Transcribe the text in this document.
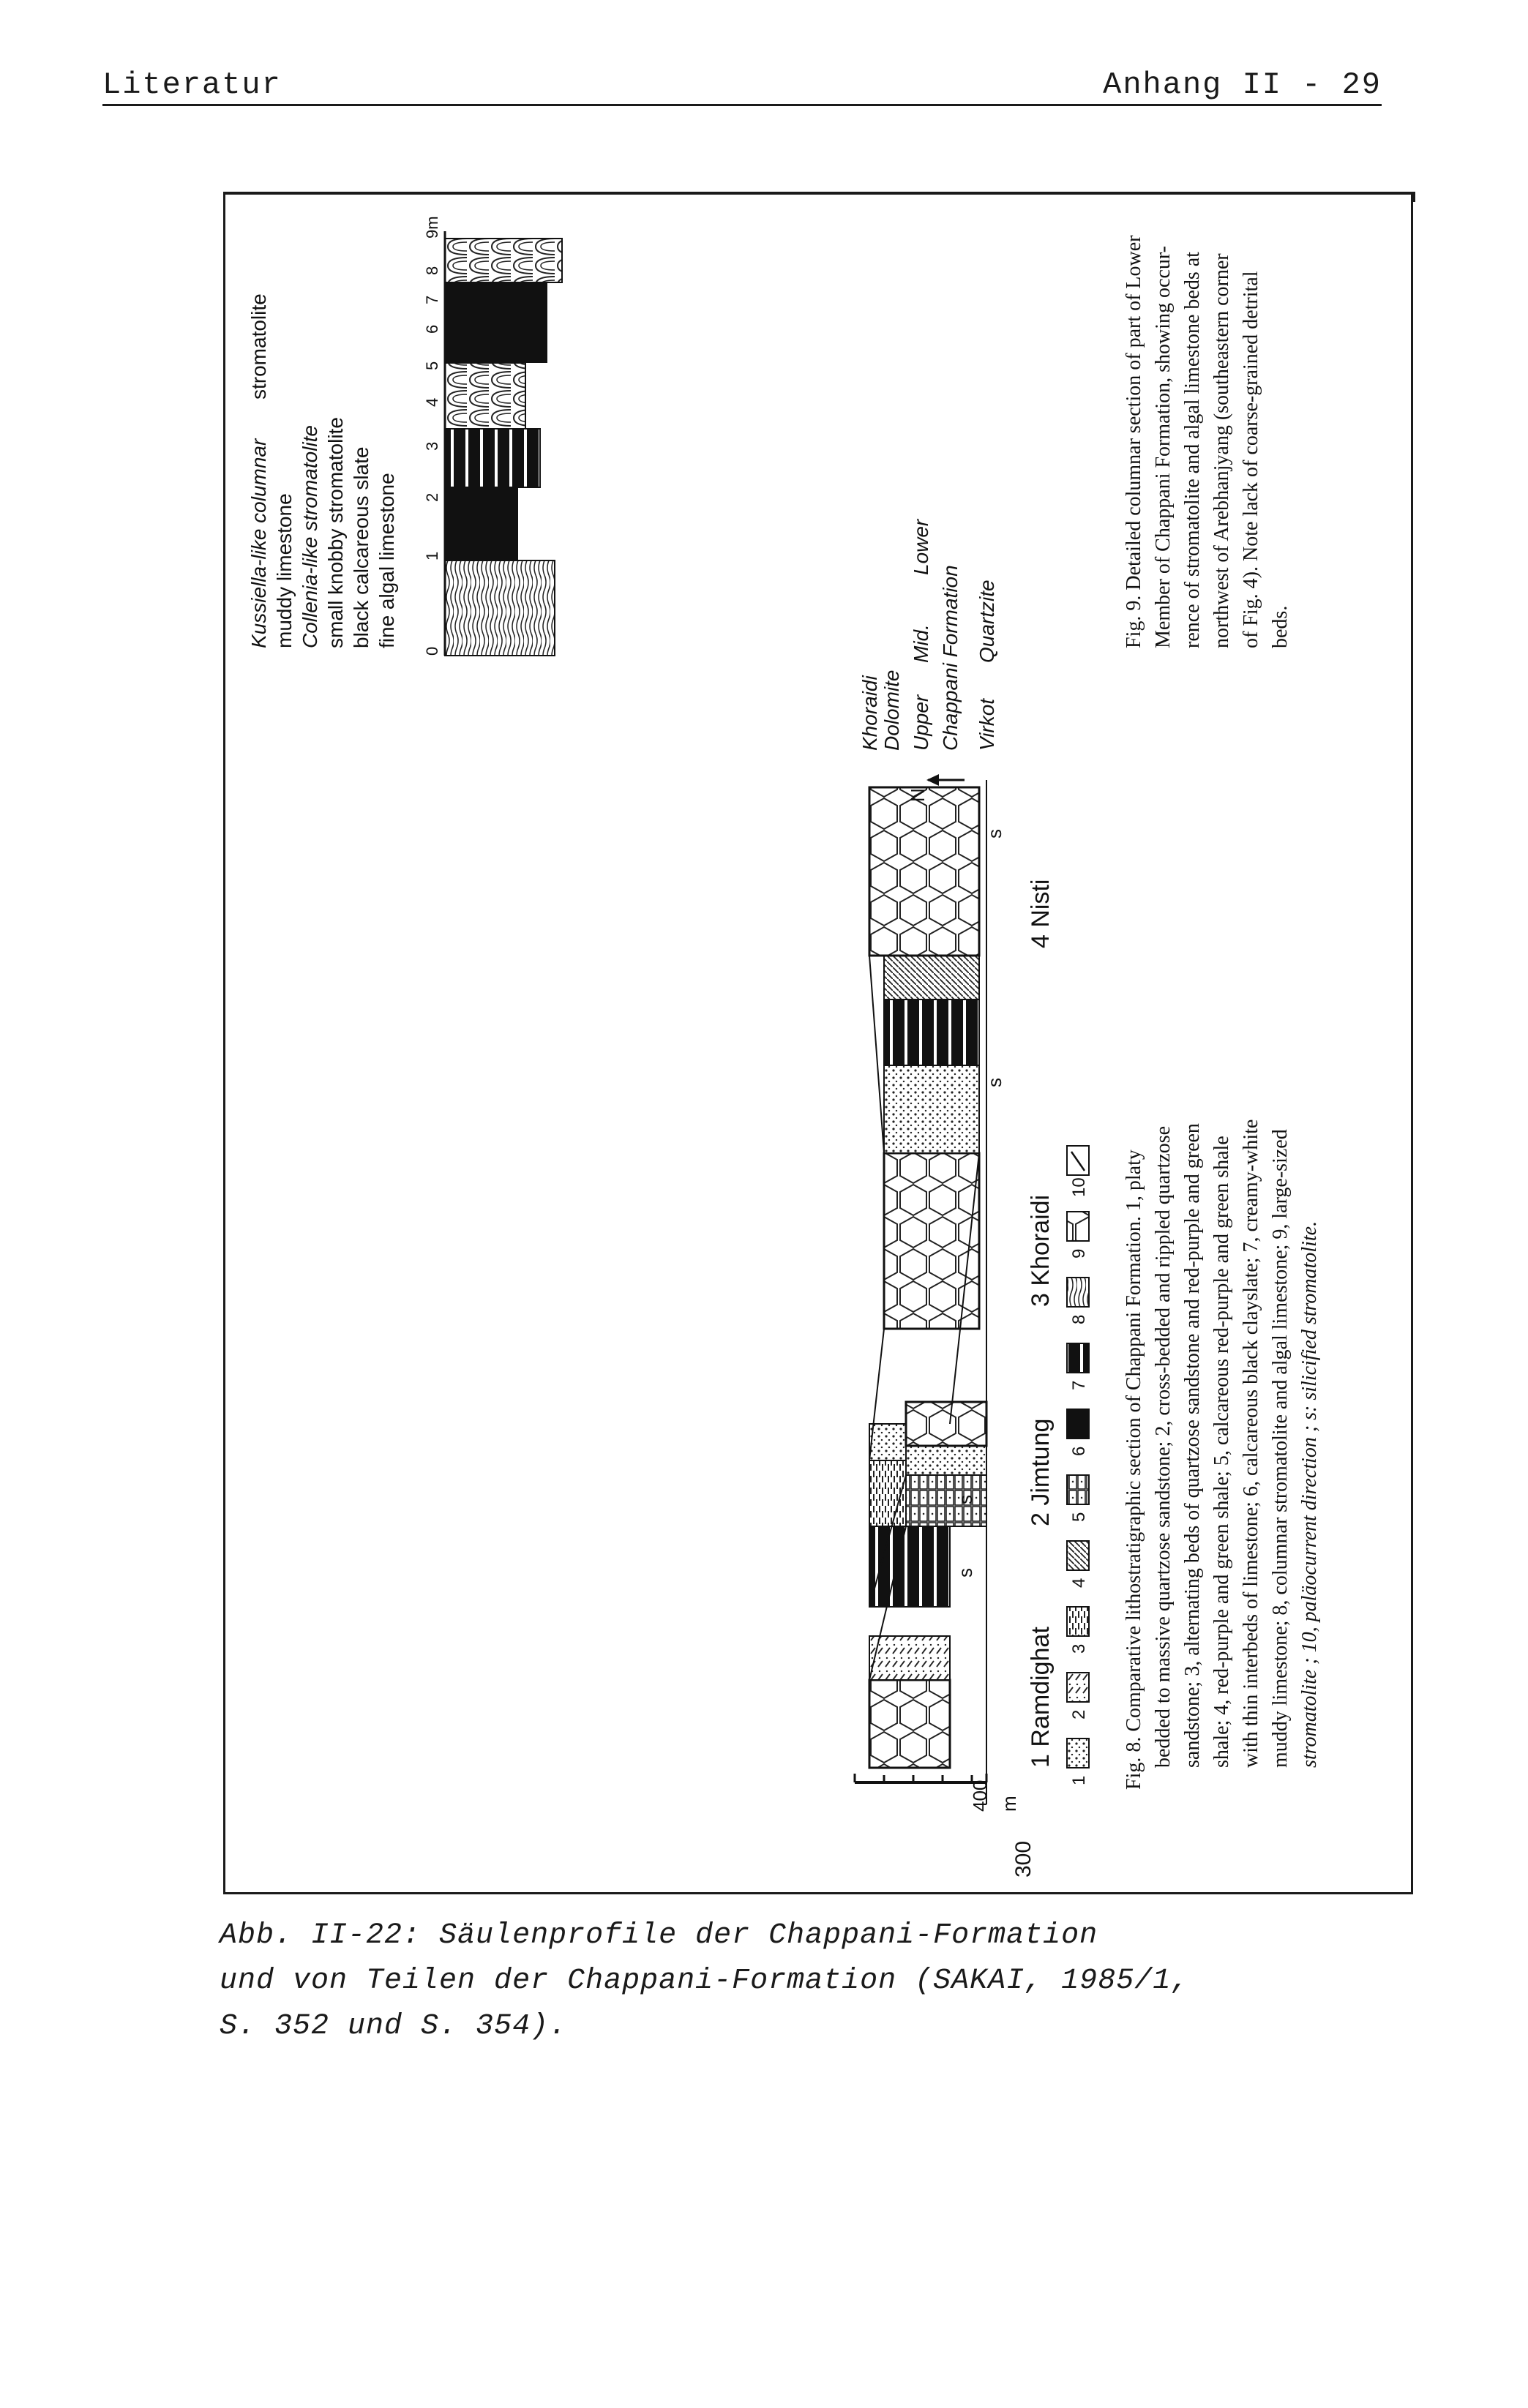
Literatur	Anhang II - 29
400 m
300
s
s
s
s
N
1 Ramdighat
2 Jimtung
3 Khoraidi
4 Nisti
Khoraidi Dolomite Chappani Formation
Upper
Mid.
Lower
Virkot
Quartzite
1
2
3
4
5
6
7
8
9
10 Fig. 8. Comparative lithostratigraphic section of Chappani Formation. 1, platy bedded to massive quartzose sandstone; 2, cross-bedded and rippled quartzose sandstone; 3, alternating beds of quartzose sandstone and red-purple and green shale; 4, red-purple and green shale; 5, calcareous red-purple and green shale with thin interbeds of limestone; 6, calcareous black clayslate; 7, creamy-white muddy limestone; 8, columnar stromatolite and algal limestone; 9, large-sized stromatolite ; 10, paläocurrent direction ; s: silicified stromatolite.
0
1
2
3
4
5
6
7
8
9m
fine algal limestone
black calcareous slate
small knobby stromatolite
Collenia-like stromatolite
muddy limestone
Kussiella-like columnar
stromatolite	Fig. 9. Detailed columnar section of part of Lower Member of Chappani Formation, showing occur- rence of stromatolite and algal limestone beds at northwest of Arebhanjyang (southeastern corner of Fig. 4). Note lack of coarse-grained detrital beds.
Abb. II-22: Säulenprofile der Chappani-Formation
und von Teilen der Chappani-Formation (SAKAI, 1985/1,
S. 352 und S. 354).
